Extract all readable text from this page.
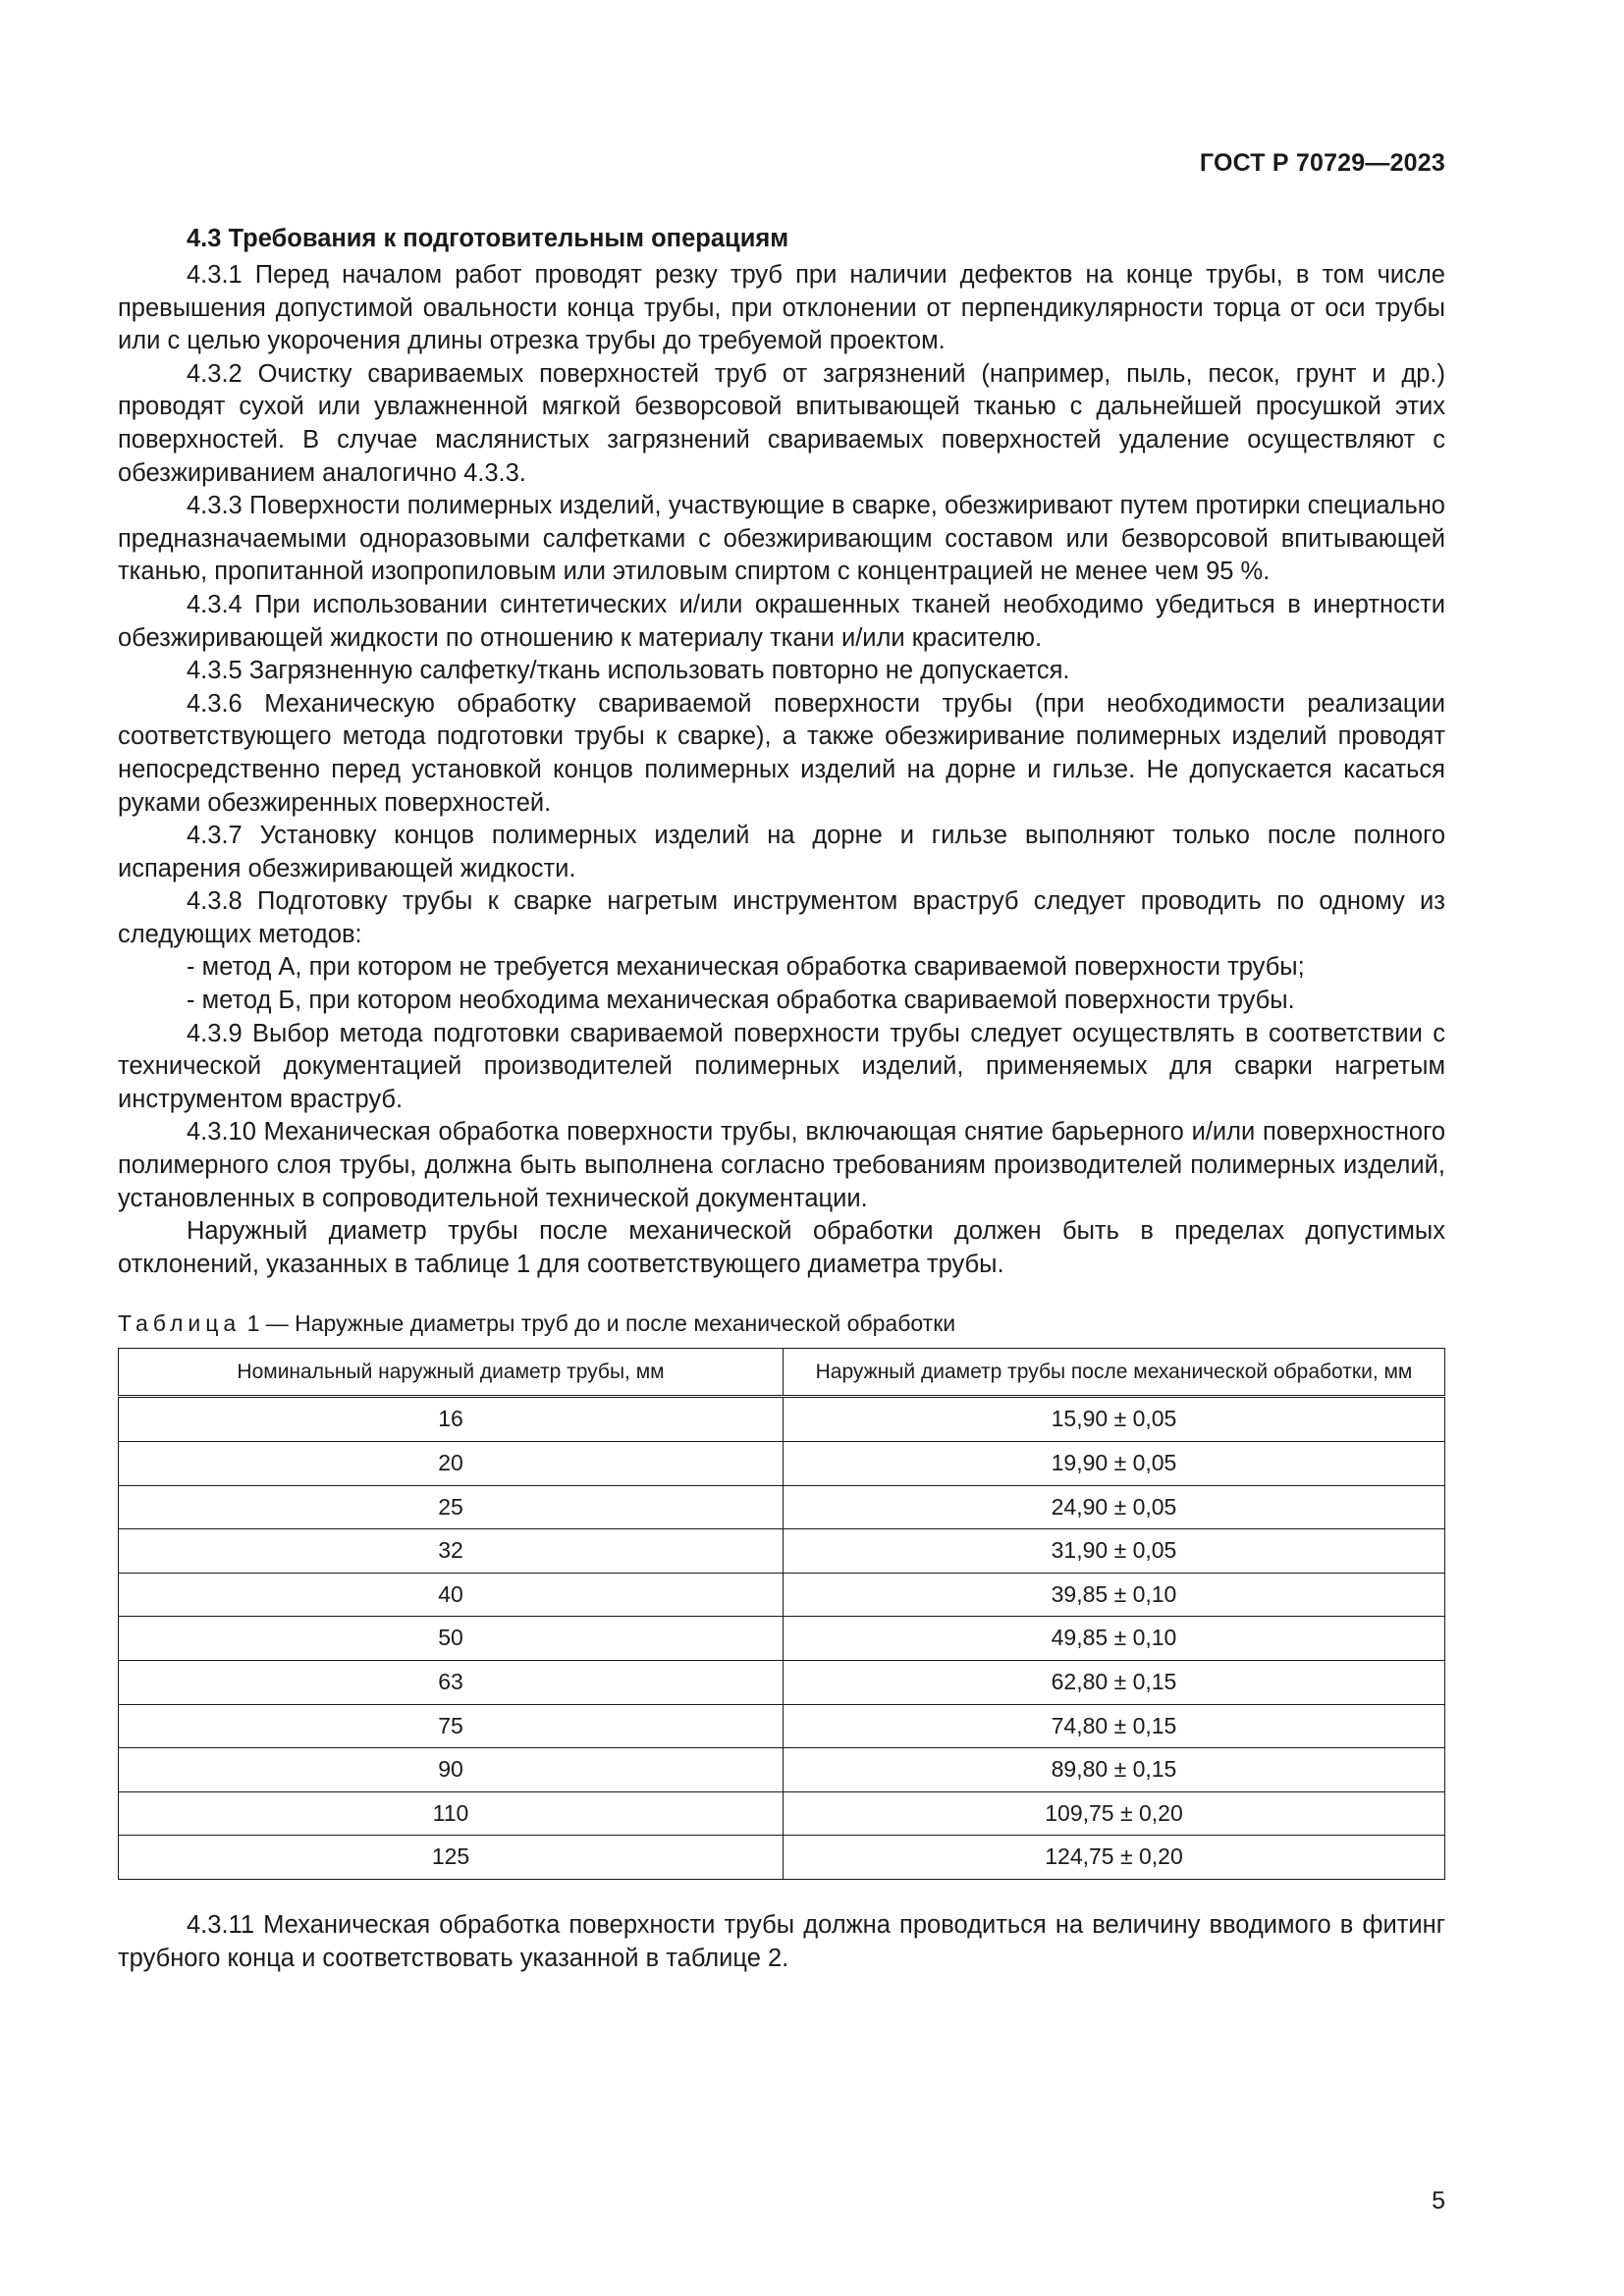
ГОСТ Р 70729—2023
4.3 Требования к подготовительным операциям

4.3.1 Перед началом работ проводят резку труб при наличии дефектов на конце трубы, в том числе превышения допустимой овальности конца трубы, при отклонении от перпендикулярности торца от оси трубы или с целью укорочения длины отрезка трубы до требуемой проектом.

4.3.2 Очистку свариваемых поверхностей труб от загрязнений (например, пыль, песок, грунт и др.) проводят сухой или увлажненной мягкой безворсовой впитывающей тканью с дальнейшей просушкой этих поверхностей. В случае маслянистых загрязнений свариваемых поверхностей удаление осуществляют с обезжириванием аналогично 4.3.3.

4.3.3 Поверхности полимерных изделий, участвующие в сварке, обезжиривают путем протирки специально предназначаемыми одноразовыми салфетками с обезжиривающим составом или безворсовой впитывающей тканью, пропитанной изопропиловым или этиловым спиртом с концентрацией не менее чем 95 %.

4.3.4 При использовании синтетических и/или окрашенных тканей необходимо убедиться в инертности обезжиривающей жидкости по отношению к материалу ткани и/или красителю.

4.3.5 Загрязненную салфетку/ткань использовать повторно не допускается.

4.3.6 Механическую обработку свариваемой поверхности трубы (при необходимости реализации соответствующего метода подготовки трубы к сварке), а также обезжиривание полимерных изделий проводят непосредственно перед установкой концов полимерных изделий на дорне и гильзе. Не допускается касаться руками обезжиренных поверхностей.

4.3.7 Установку концов полимерных изделий на дорне и гильзе выполняют только после полного испарения обезжиривающей жидкости.

4.3.8 Подготовку трубы к сварке нагретым инструментом враструб следует проводить по одному из следующих методов:

- метод А, при котором не требуется механическая обработка свариваемой поверхности трубы;

- метод Б, при котором необходима механическая обработка свариваемой поверхности трубы.

4.3.9 Выбор метода подготовки свариваемой поверхности трубы следует осуществлять в соответствии с технической документацией производителей полимерных изделий, применяемых для сварки нагретым инструментом враструб.

4.3.10 Механическая обработка поверхности трубы, включающая снятие барьерного и/или поверхностного полимерного слоя трубы, должна быть выполнена согласно требованиям производителей полимерных изделий, установленных в сопроводительной технической документации.

Наружный диаметр трубы после механической обработки должен быть в пределах допустимых отклонений, указанных в таблице 1 для соответствующего диаметра трубы.

Таблица 1 — Наружные диаметры труб до и после механической обработки
Номинальный наружный диаметр трубы, мм	Наружный диаметр трубы после механической обработки, мм
16	15,90 ± 0,05
20	19,90 ± 0,05
25	24,90 ± 0,05
32	31,90 ± 0,05
40	39,85 ± 0,10
50	49,85 ± 0,10
63	62,80 ± 0,15
75	74,80 ± 0,15
90	89,80 ± 0,15
110	109,75 ± 0,20
125	124,75 ± 0,20

4.3.11 Механическая обработка поверхности трубы должна проводиться на величину вводимого в фитинг трубного конца и соответствовать указанной в таблице 2.

5
